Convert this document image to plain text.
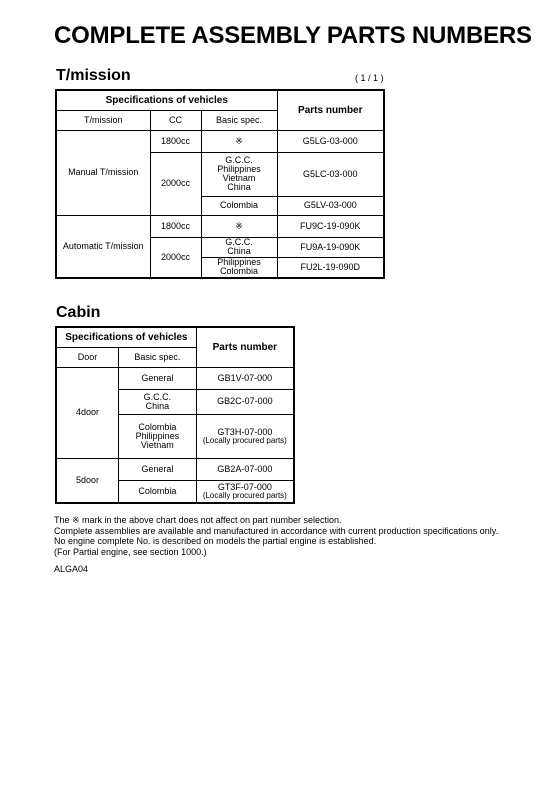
COMPLETE ASSEMBLY PARTS NUMBERS
T/mission	( 1 / 1 )
Specifications of vehicles			Parts number
T/mission	CC	Basic spec.	
Manual T/mission	1800cc	※	G5LG-03-000
	2000cc	G.C.C.
Philippines
Vietnam
China	G5LC-03-000
		Colombia	G5LV-03-000
Automatic T/mission	1800cc	※	FU9C-19-090K
	2000cc	G.C.C.
China	FU9A-19-090K

		Philippines
Colombia	FU2L-19-090D
Cabin
Specifications of vehicles		Parts number
Door	Basic spec.	
4door	General	GB1V-07-000

	G.C.C.
China	GB2C-07-000

	Colombia
Philippines
Vietnam	GT3H-07-000
(Locally procured parts)

5door	General	GB2A-07-000
	Colombia	GT3F-07-000
(Locally procured parts)
The ※ mark in the above chart does not affect on part number selection.
Complete assemblies are available and manufactured in accordance with current production specifications only.
No engine complete No. is described on models the partial engine is established.
(For Partial engine, see section 1000.)
ALGA04
